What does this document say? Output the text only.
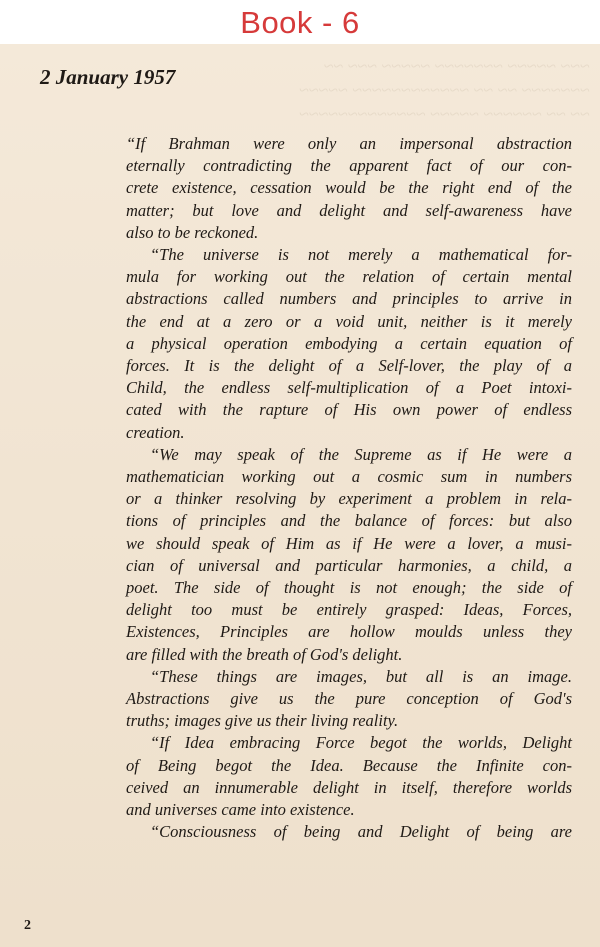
Book - 6
~~~ ~~~~~ ~~~~~~~ ~~~~~ ~~~ ~~
~~~~~~~ ~~ ~~ ~~~~~~~~~~~~ ~~~~~
~~ ~~ ~~~~~~ ~~~~~ ~~~~~~~~~~~~~
2 January 1957
“If Brahman were only an impersonal abstraction
eternally contradicting the apparent fact of our con-
crete existence, cessation would be the right end of the
matter; but love and delight and self-awareness have
also to be reckoned.
“The universe is not merely a mathematical for-
mula for working out the relation of certain mental
abstractions called numbers and principles to arrive in
the end at a zero or a void unit, neither is it merely
a physical operation embodying a certain equation of
forces. It is the delight of a Self-lover, the play of a
Child, the endless self-multiplication of a Poet intoxi-
cated with the rapture of His own power of endless
creation.
“We may speak of the Supreme as if He were a
mathematician working out a cosmic sum in numbers
or a thinker resolving by experiment a problem in rela-
tions of principles and the balance of forces: but also
we should speak of Him as if He were a lover, a musi-
cian of universal and particular harmonies, a child, a
poet. The side of thought is not enough; the side of
delight too must be entirely grasped: Ideas, Forces,
Existences, Principles are hollow moulds unless they
are filled with the breath of God's delight.
“These things are images, but all is an image.
Abstractions give us the pure conception of God's
truths; images give us their living reality.
“If Idea embracing Force begot the worlds, Delight
of Being begot the Idea. Because the Infinite con-
ceived an innumerable delight in itself, therefore worlds
and universes came into existence.
“Consciousness of being and Delight of being are
2
